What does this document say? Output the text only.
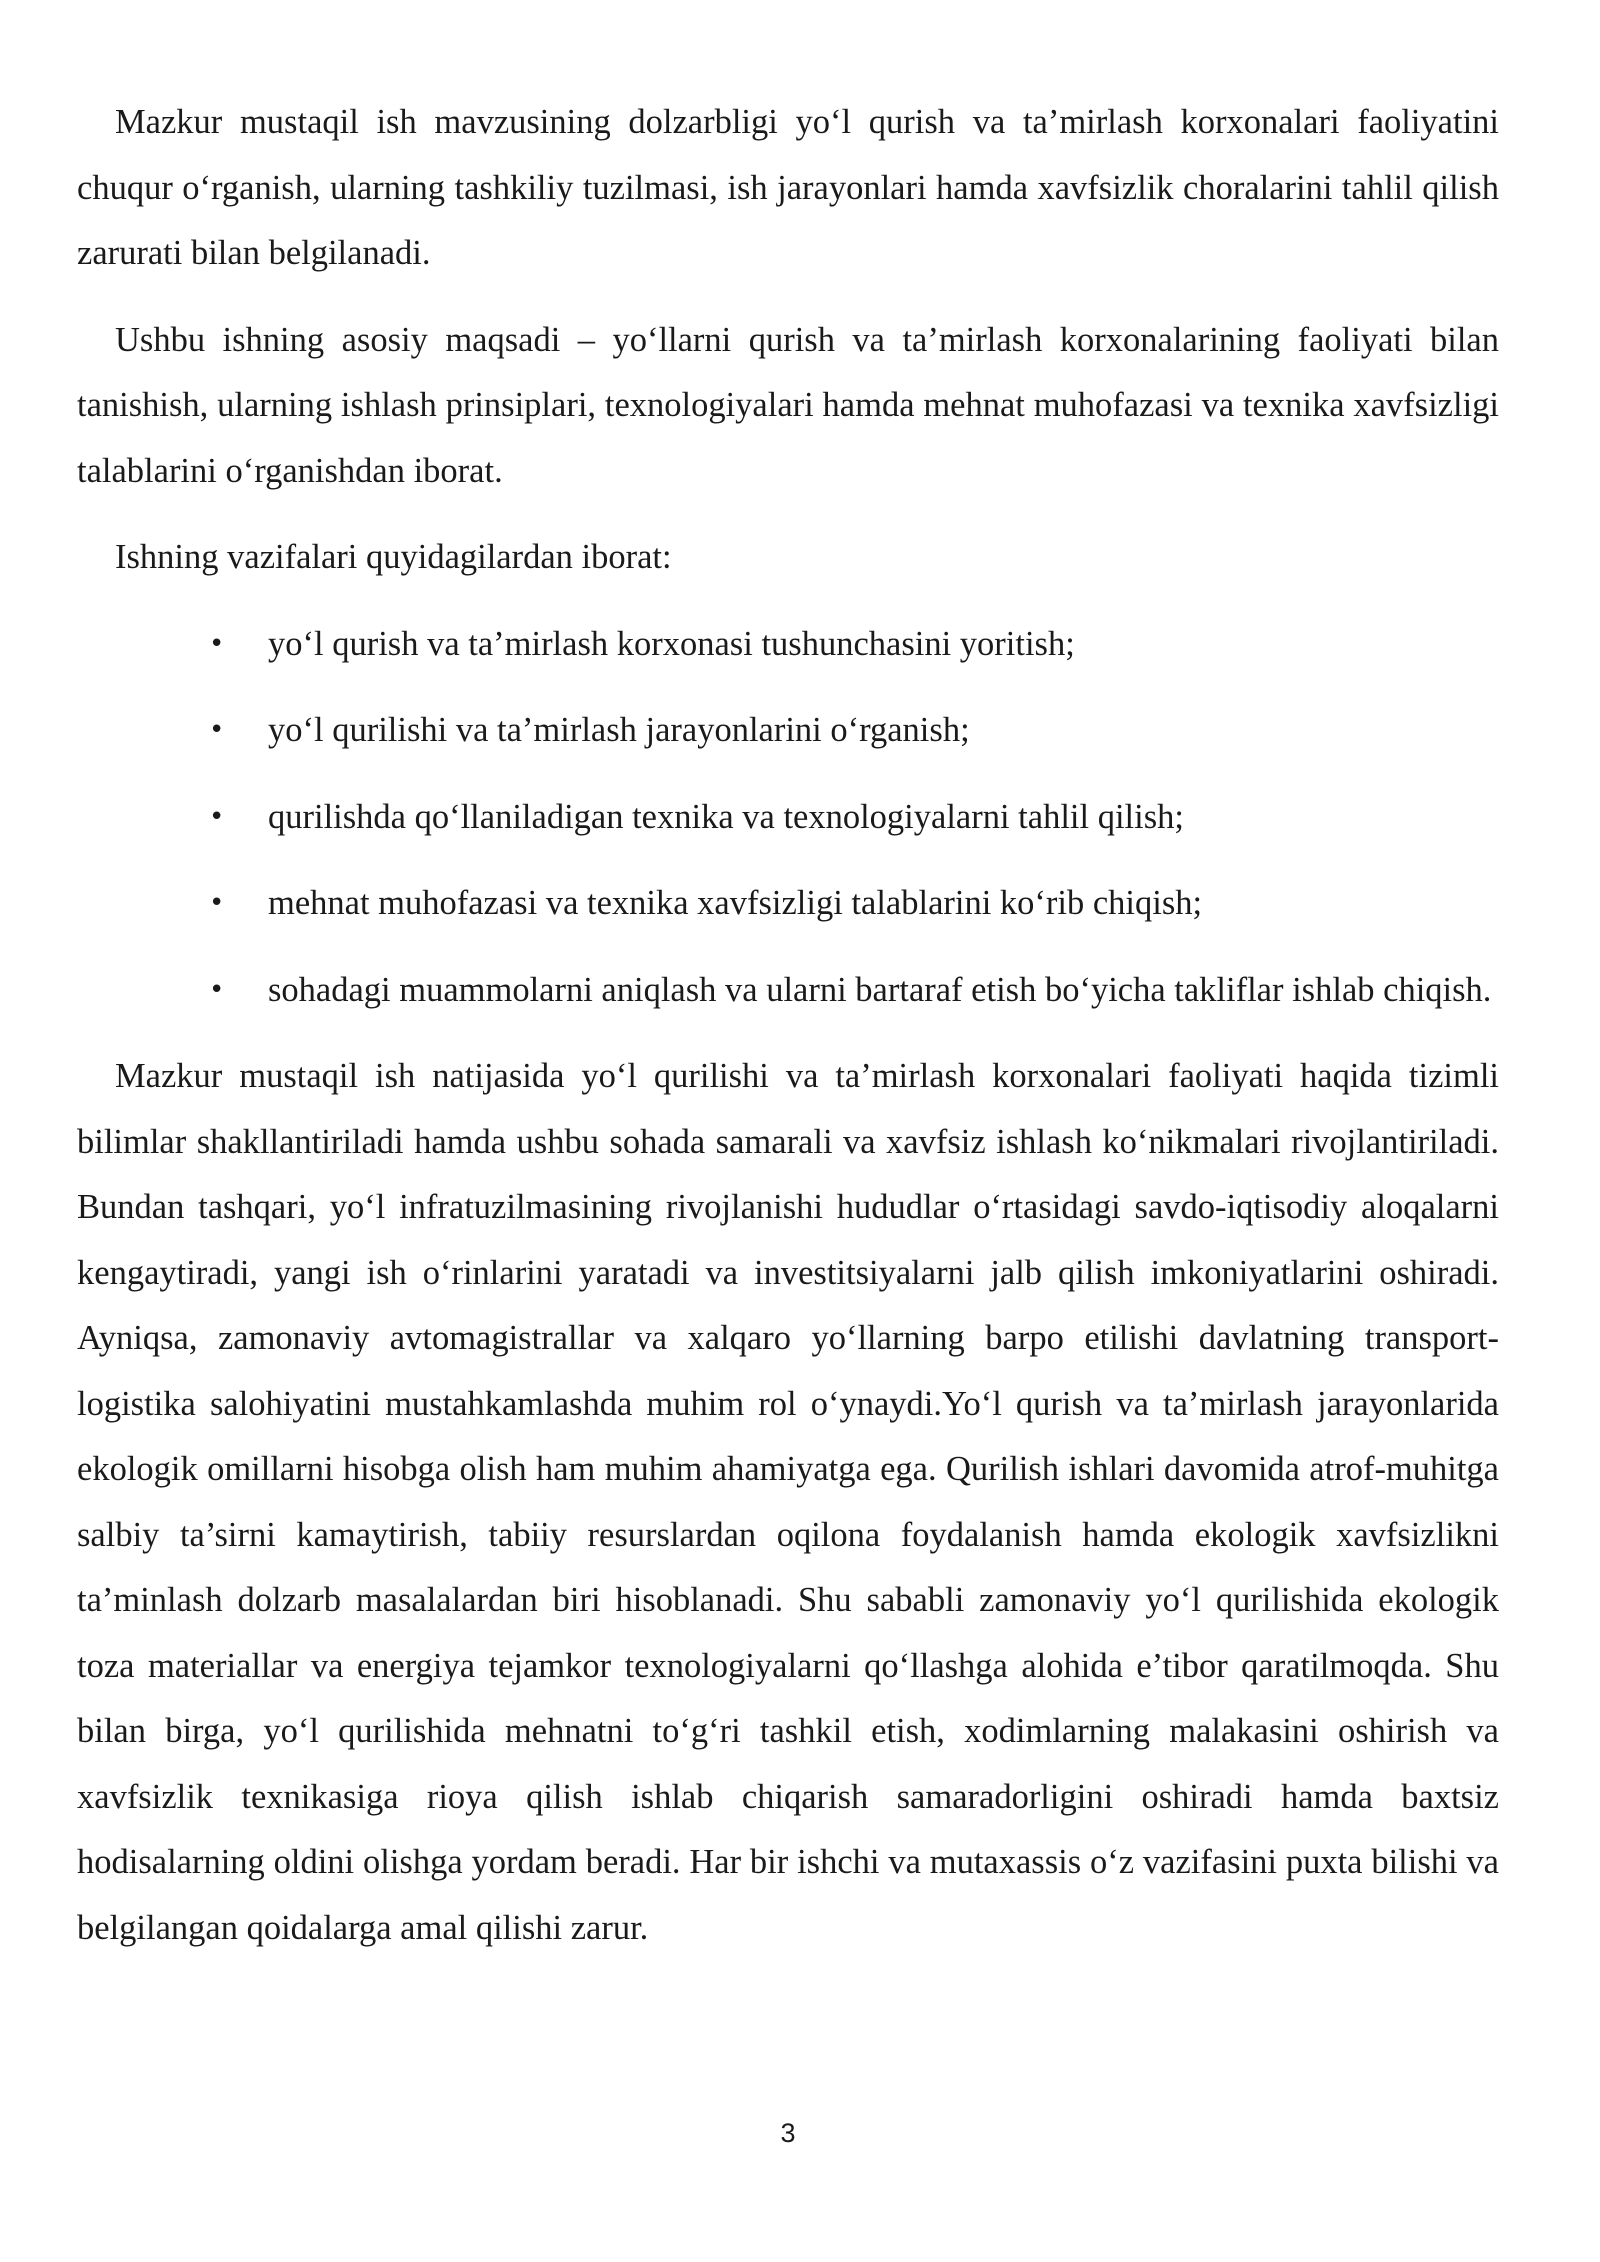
Mazkur mustaqil ish mavzusining dolzarbligi yo‘l qurish va ta’mirlash korxonalari faoliyatini chuqur o‘rganish, ularning tashkiliy tuzilmasi, ish jarayonlari hamda xavfsizlik choralarini tahlil qilish zarurati bilan belgilanadi.

Ushbu ishning asosiy maqsadi – yo‘llarni qurish va ta’mirlash korxonalarining faoliyati bilan tanishish, ularning ishlash prinsiplari, texnologiyalari hamda mehnat muhofazasi va texnika xavfsizligi talablarini o‘rganishdan iborat.

Ishning vazifalari quyidagilardan iborat:

• yo‘l qurish va ta’mirlash korxonasi tushunchasini yoritish;
• yo‘l qurilishi va ta’mirlash jarayonlarini o‘rganish;
• qurilishda qo‘llaniladigan texnika va texnologiyalarni tahlil qilish;
• mehnat muhofazasi va texnika xavfsizligi talablarini ko‘rib chiqish;
• sohadagi muammolarni aniqlash va ularni bartaraf etish bo‘yicha takliflar ishlab chiqish.

Mazkur mustaqil ish natijasida yo‘l qurilishi va ta’mirlash korxonalari faoliyati haqida tizimli bilimlar shakllantiriladi hamda ushbu sohada samarali va xavfsiz ishlash ko‘nikmalari rivojlantiriladi. Bundan tashqari, yo‘l infratuzilmasining rivojlanishi hududlar o‘rtasidagi savdo-iqtisodiy aloqalarni kengaytiradi, yangi ish o‘rinlarini yaratadi va investitsiyalarni jalb qilish imkoniyatlarini oshiradi. Ayniqsa, zamonaviy avtomagistrallar va xalqaro yo‘llarning barpo etilishi davlatning transport-logistika salohiyatini mustahkamlashda muhim rol o‘ynaydi.Yo‘l qurish va ta’mirlash jarayonlarida ekologik omillarni hisobga olish ham muhim ahamiyatga ega. Qurilish ishlari davomida atrof-muhitga salbiy ta’sirni kamaytirish, tabiiy resurslardan oqilona foydalanish hamda ekologik xavfsizlikni ta’minlash dolzarb masalalardan biri hisoblanadi. Shu sababli zamonaviy yo‘l qurilishida ekologik toza materiallar va energiya tejamkor texnologiyalarni qo‘llashga alohida e’tibor qaratilmoqda. Shu bilan birga, yo‘l qurilishida mehnatni to‘g‘ri tashkil etish, xodimlarning malakasini oshirish va xavfsizlik texnikasiga rioya qilish ishlab chiqarish samaradorligini oshiradi hamda baxtsiz hodisalarning oldini olishga yordam beradi. Har bir ishchi va mutaxassis o‘z vazifasini puxta bilishi va belgilangan qoidalarga amal qilishi zarur.

3
